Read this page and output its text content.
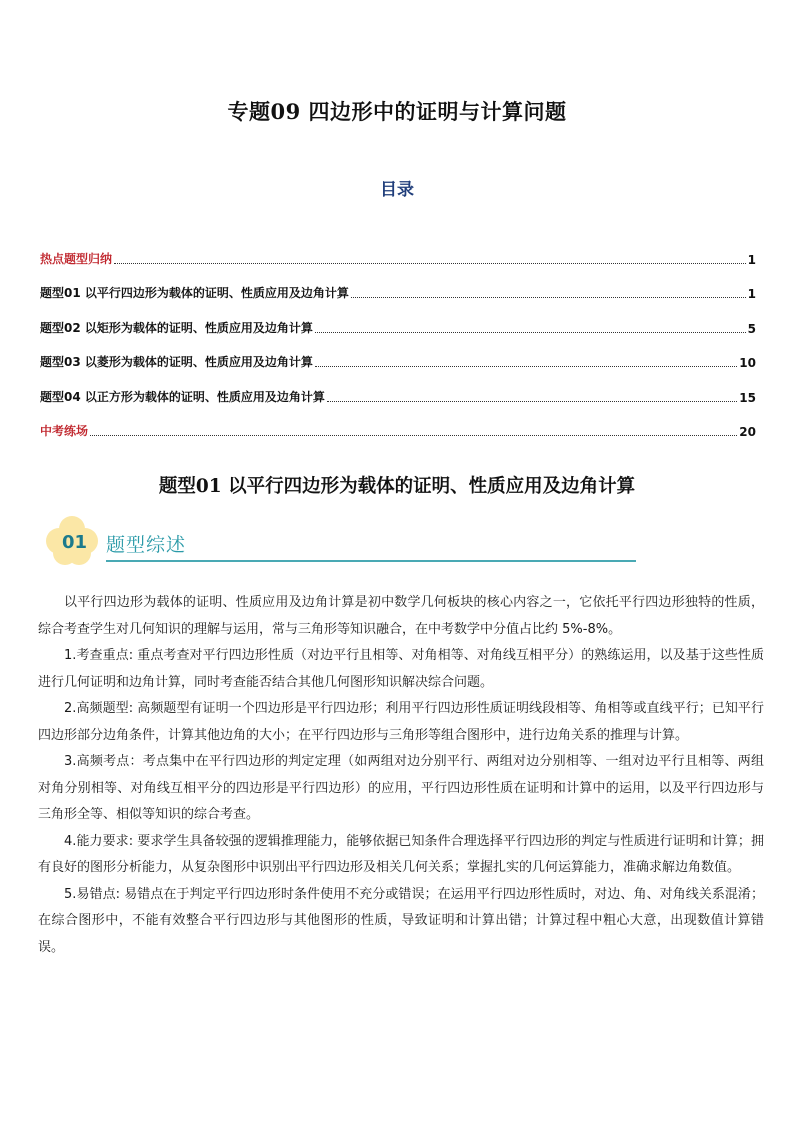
专题09 四边形中的证明与计算问题
目录
热点题型归纳	1
题型01 以平行四边形为载体的证明、性质应用及边角计算	1
题型02 以矩形为载体的证明、性质应用及边角计算	5
题型03 以菱形为载体的证明、性质应用及边角计算	10
题型04 以正方形为载体的证明、性质应用及边角计算	15
中考练场	20
题型01 以平行四边形为载体的证明、性质应用及边角计算
01 题型综述

以平行四边形为载体的证明、性质应用及边角计算是初中数学几何板块的核心内容之一，它依托平行四边形独特的性质，综合考查学生对几何知识的理解与运用，常与三角形等知识融合，在中考数学中分值占比约 5%-8%。

1.考查重点: 重点考查对平行四边形性质（对边平行且相等、对角相等、对角线互相平分）的熟练运用，以及基于这些性质进行几何证明和边角计算，同时考查能否结合其他几何图形知识解决综合问题。

2.高频题型: 高频题型有证明一个四边形是平行四边形；利用平行四边形性质证明线段相等、角相等或直线平行；已知平行四边形部分边角条件，计算其他边角的大小；在平行四边形与三角形等组合图形中，进行边角关系的推理与计算。

3.高频考点：考点集中在平行四边形的判定定理（如两组对边分别平行、两组对边分别相等、一组对边平行且相等、两组对角分别相等、对角线互相平分的四边形是平行四边形）的应用，平行四边形性质在证明和计算中的运用，以及平行四边形与三角形全等、相似等知识的综合考查。

4.能力要求: 要求学生具备较强的逻辑推理能力，能够依据已知条件合理选择平行四边形的判定与性质进行证明和计算；拥有良好的图形分析能力，从复杂图形中识别出平行四边形及相关几何关系；掌握扎实的几何运算能力，准确求解边角数值。

5.易错点: 易错点在于判定平行四边形时条件使用不充分或错误；在运用平行四边形性质时，对边、角、对角线关系混淆；在综合图形中，不能有效整合平行四边形与其他图形的性质，导致证明和计算出错；计算过程中粗心大意，出现数值计算错误。
